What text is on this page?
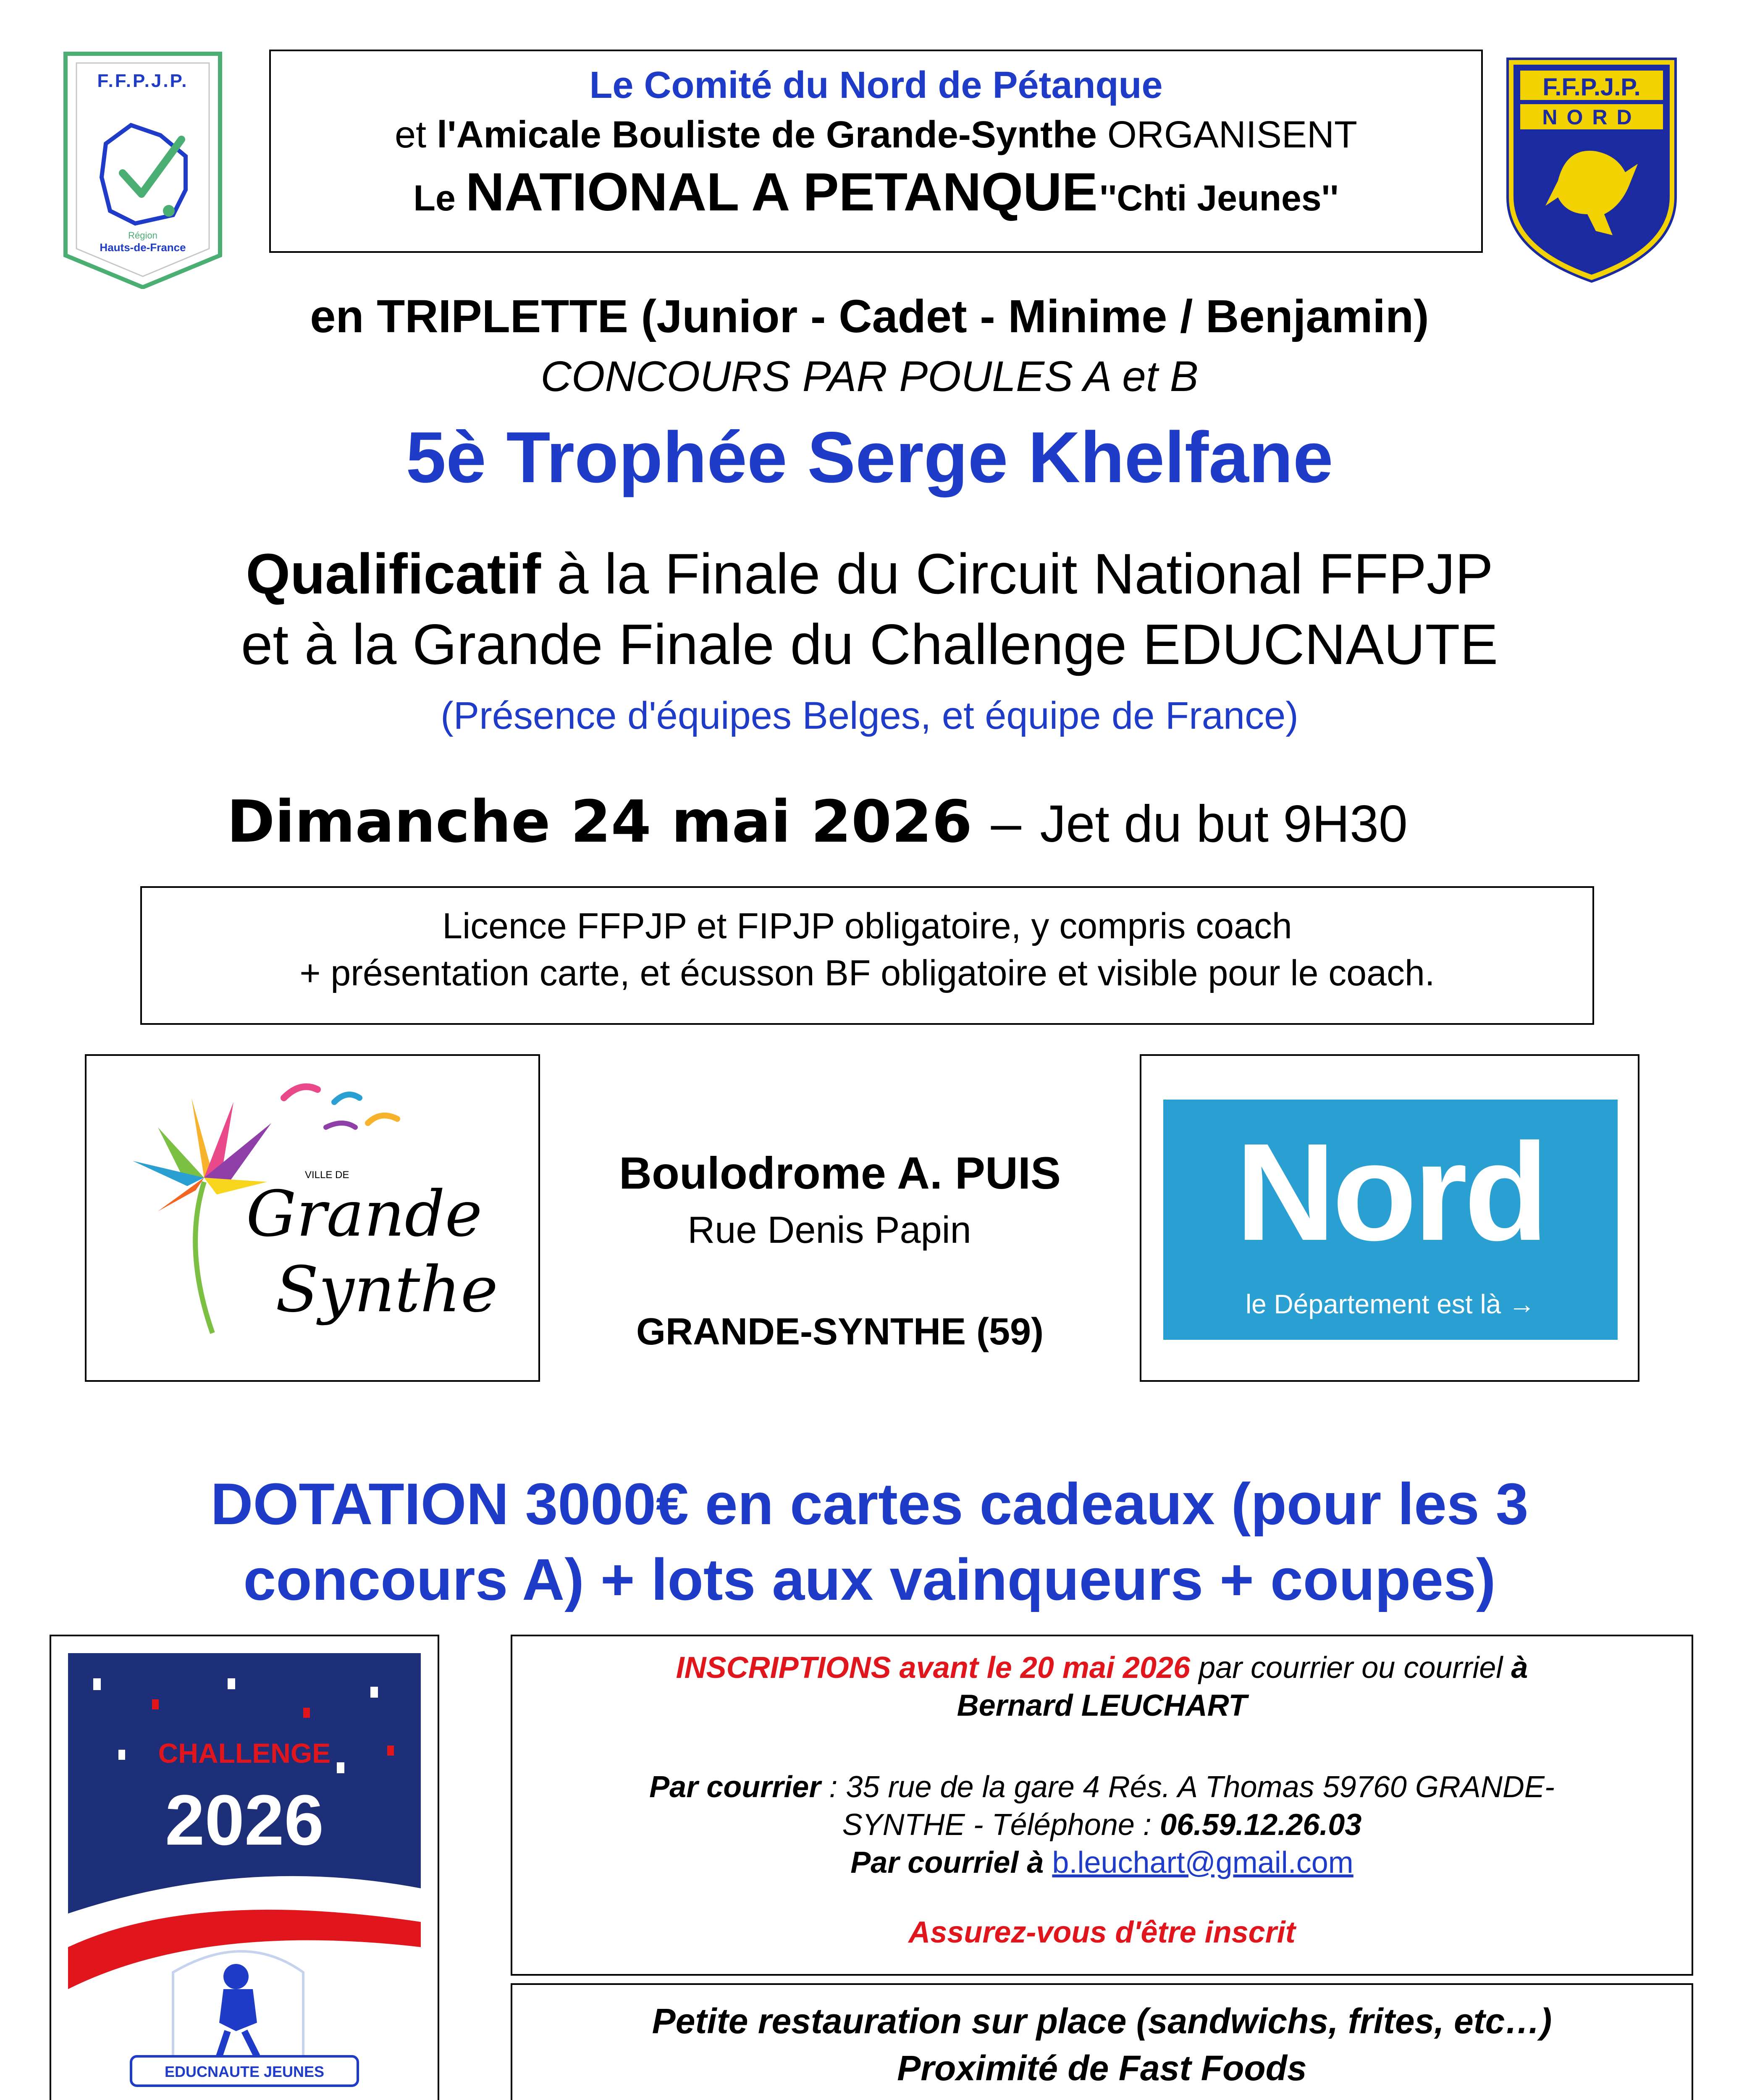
F.F.P.J.P.
Région
Hauts-de-France
Le Comité du Nord de Pétanque
et l'Amicale Bouliste de Grande-Synthe ORGANISENT
Le NATIONAL A PETANQUE ''Chti Jeunes''
F.F.P.J.P.
NORD
en TRIPLETTE (Junior - Cadet - Minime / Benjamin)
CONCOURS PAR POULES A et B
5è Trophée Serge Khelfane
Qualificatif à la Finale du Circuit National FFPJP
et à la Grande Finale du Challenge EDUCNAUTE
(Présence d'équipes Belges, et équipe de France)
Dimanche 24 mai 2026 – Jet du but 9H30
Licence FFPJP et FIPJP obligatoire, y compris coach
+ présentation carte, et écusson BF obligatoire et visible pour le coach.
VILLE DE
Grande
Synthe
Boulodrome A. PUIS
Rue Denis Papin
GRANDE-SYNTHE (59)
Nord
le Département est là →
DOTATION 3000€ en cartes cadeaux (pour les 3
concours A) + lots aux vainqueurs + coupes)
CHALLENGE
2026
EDUCNAUTE JEUNES
INSCRIPTIONS avant le 20 mai 2026 par courrier ou courriel à
Bernard LEUCHART
Par courrier : 35 rue de la gare 4 Rés. A Thomas 59760 GRANDE-
SYNTHE - Téléphone : 06.59.12.26.03
Par courriel à b.leuchart@gmail.com
Assurez-vous d'être inscrit
Petite restauration sur place (sandwichs, frites, etc…)
Proximité de Fast Foods
